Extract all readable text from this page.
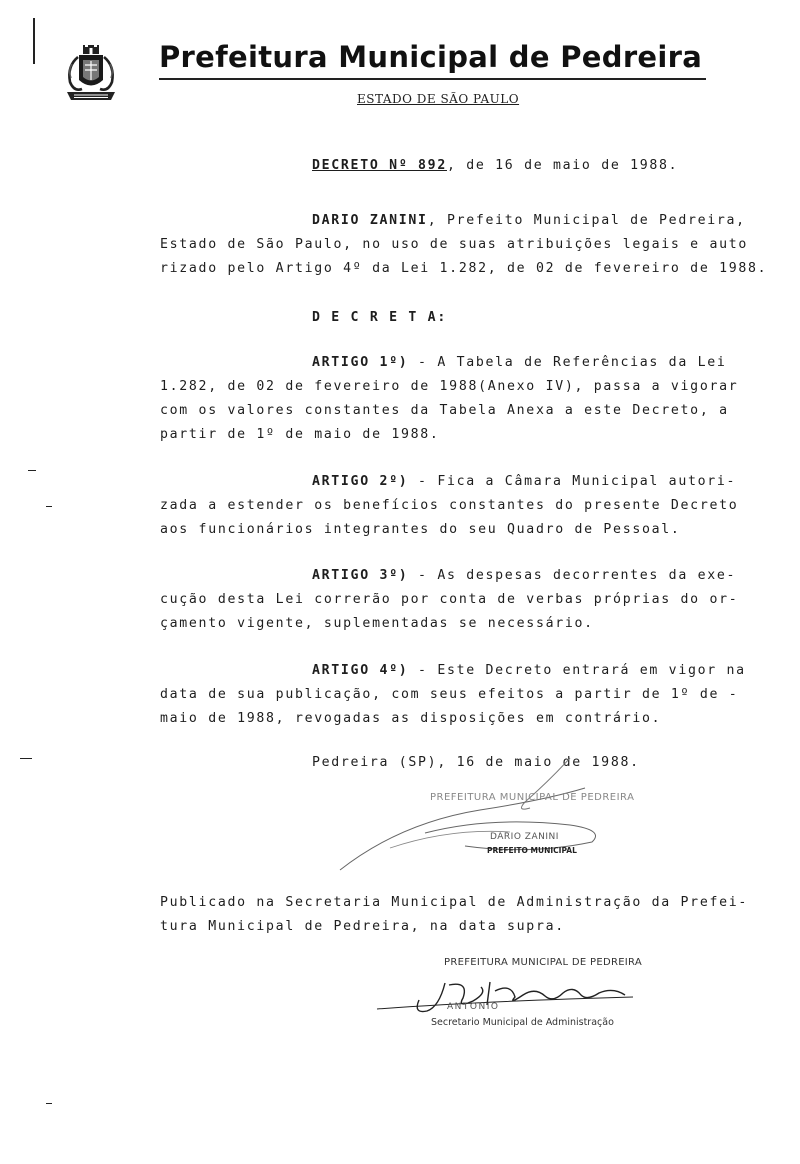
Prefeitura Municipal de Pedreira
ESTADO DE SÃO PAULO
DECRETO Nº 892, de 16 de maio de 1988.
DARIO ZANINI, Prefeito Municipal de Pedreira,
Estado de São Paulo, no uso de suas atribuições legais e auto
rizado pelo Artigo 4º da Lei 1.282, de 02 de fevereiro de 1988.
D E C R E T A:
ARTIGO 1º) - A Tabela de Referências da Lei
1.282, de 02 de fevereiro de 1988(Anexo IV), passa a vigorar
com os valores constantes da Tabela Anexa a este Decreto, a
partir de 1º de maio de 1988.
ARTIGO 2º) - Fica a Câmara Municipal autori-
zada a estender os benefícios constantes do presente Decreto
aos funcionários integrantes do seu Quadro de Pessoal.
ARTIGO 3º) - As despesas decorrentes da exe-
cução desta Lei correrão por conta de verbas próprias do or-
çamento vigente, suplementadas se necessário.
ARTIGO 4º) - Este Decreto entrará em vigor na
data de sua publicação, com seus efeitos a partir de 1º de -
maio de 1988, revogadas as disposições em contrário.
Pedreira (SP), 16 de maio de 1988.
PREFEITURA MUNICIPAL DE PEDREIRA
DARIO ZANINI
PREFEITO MUNICIPAL
Publicado na Secretaria Municipal de Administração da Prefei-
tura Municipal de Pedreira, na data supra.
PREFEITURA MUNICIPAL DE PEDREIRA
ANTONIO
Secretario Municipal de Administração
